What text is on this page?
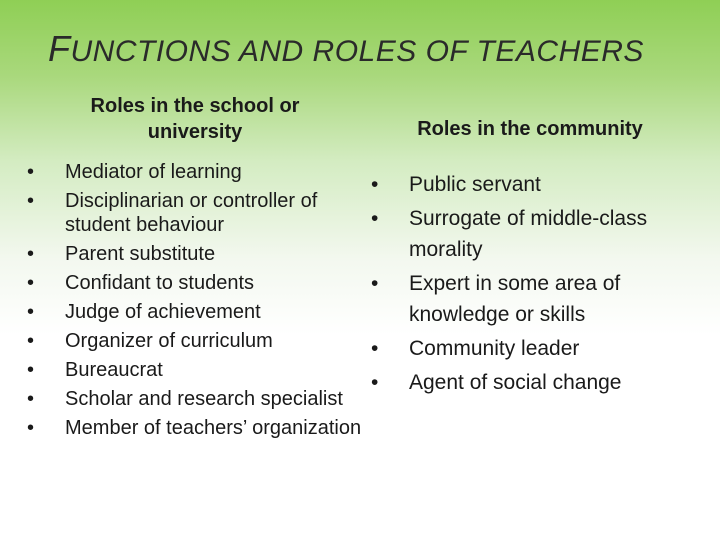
FUNCTIONS AND ROLES OF TEACHERS
Roles in the school or university	Roles in the community
• Mediator of learning
• Disciplinarian or controller of student behaviour
• Parent substitute
• Confidant to students
• Judge of achievement
• Organizer of curriculum
• Bureaucrat
• Scholar and research specialist
• Member of teachers’ organization
• Public servant
• Surrogate of middle-class morality
• Expert in some area of knowledge or skills
• Community leader
• Agent of social change
